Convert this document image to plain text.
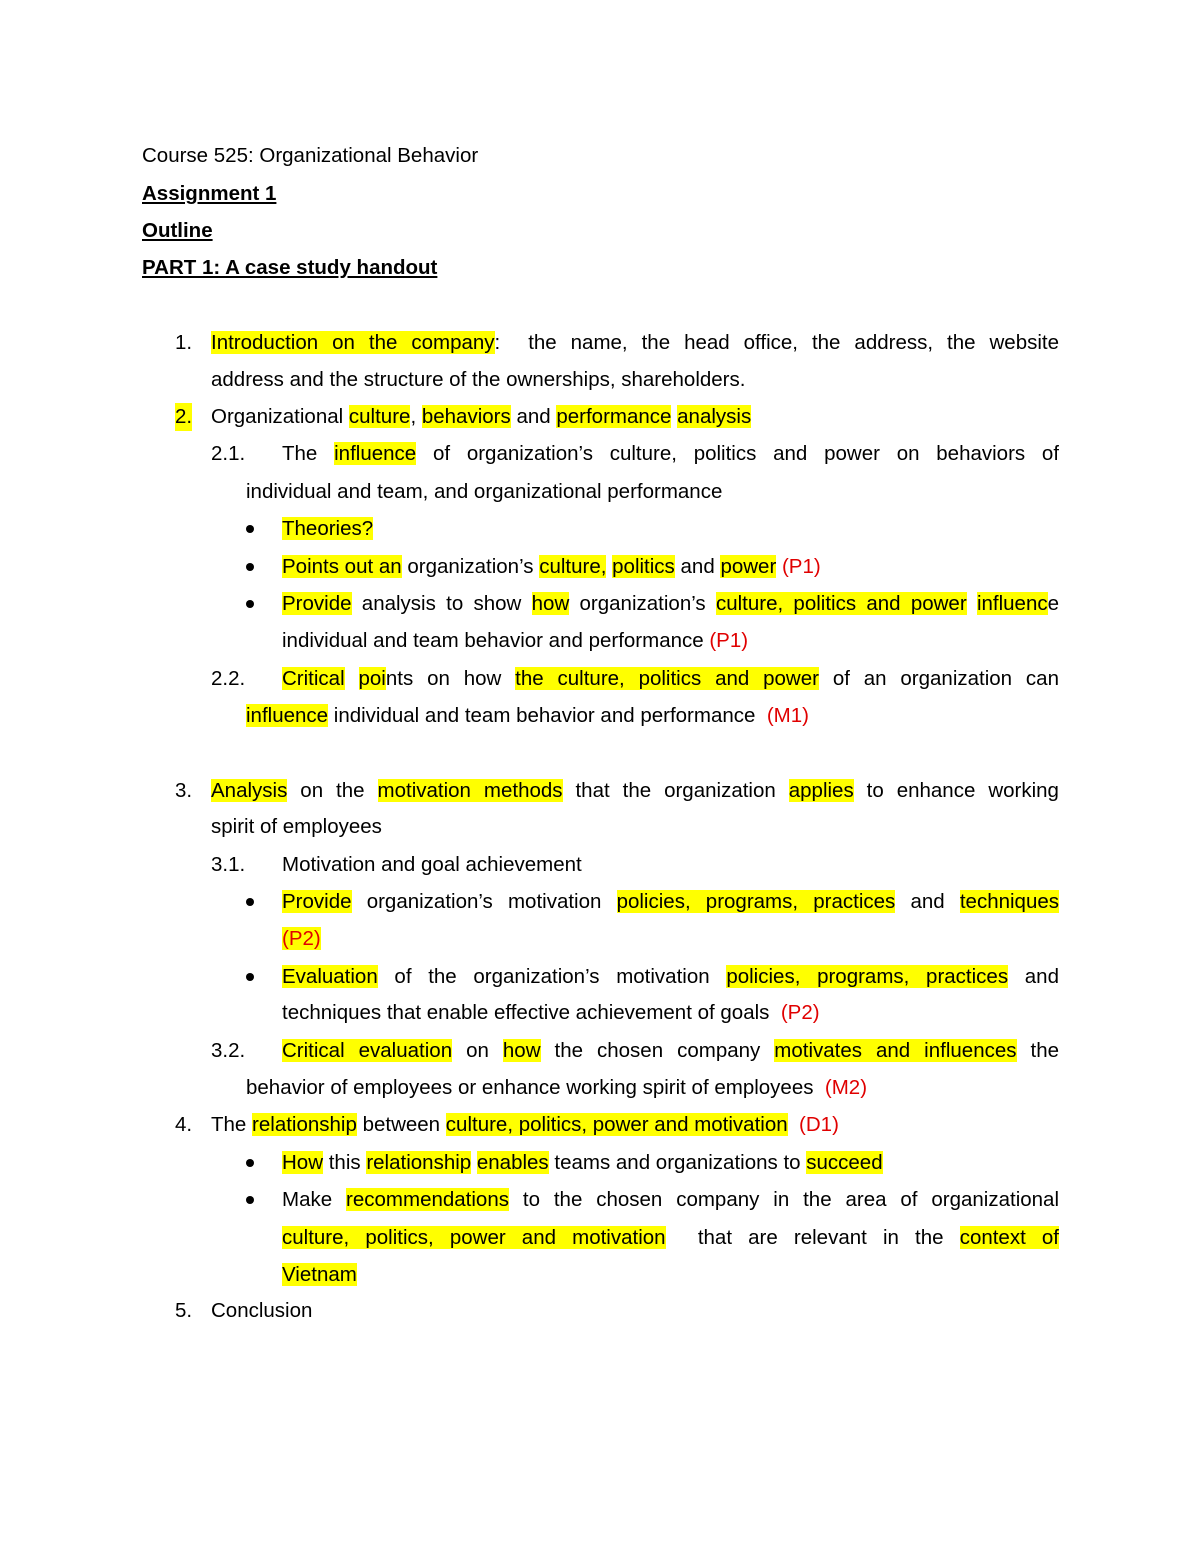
Course 525: Organizational Behavior
Assignment 1
Outline
PART 1: A case study handout
1. Introduction on the company: the name, the head office, the address, the website
address and the structure of the ownerships, shareholders.
2. Organizational culture, behaviors and performance analysis
2.1. The influence of organization’s culture, politics and power on behaviors of
individual and team, and organizational performance
Theories?
Points out an organization’s culture, politics and power (P1)
Provide analysis to show how organization’s culture, politics and power influence
individual and team behavior and performance (P1)
2.2. Critical points on how the culture, politics and power of an organization can
influence individual and team behavior and performance (M1)
3. Analysis on the motivation methods that the organization applies to enhance working
spirit of employees
3.1. Motivation and goal achievement
Provide organization’s motivation policies, programs, practices and techniques
(P2)
Evaluation of the organization’s motivation policies, programs, practices and
techniques that enable effective achievement of goals (P2)
3.2. Critical evaluation on how the chosen company motivates and influences the
behavior of employees or enhance working spirit of employees (M2)
4. The relationship between culture, politics, power and motivation (D1)
How this relationship enables teams and organizations to succeed
Make recommendations to the chosen company in the area of organizational
culture, politics, power and motivation that are relevant in the context of
Vietnam
5. Conclusion
